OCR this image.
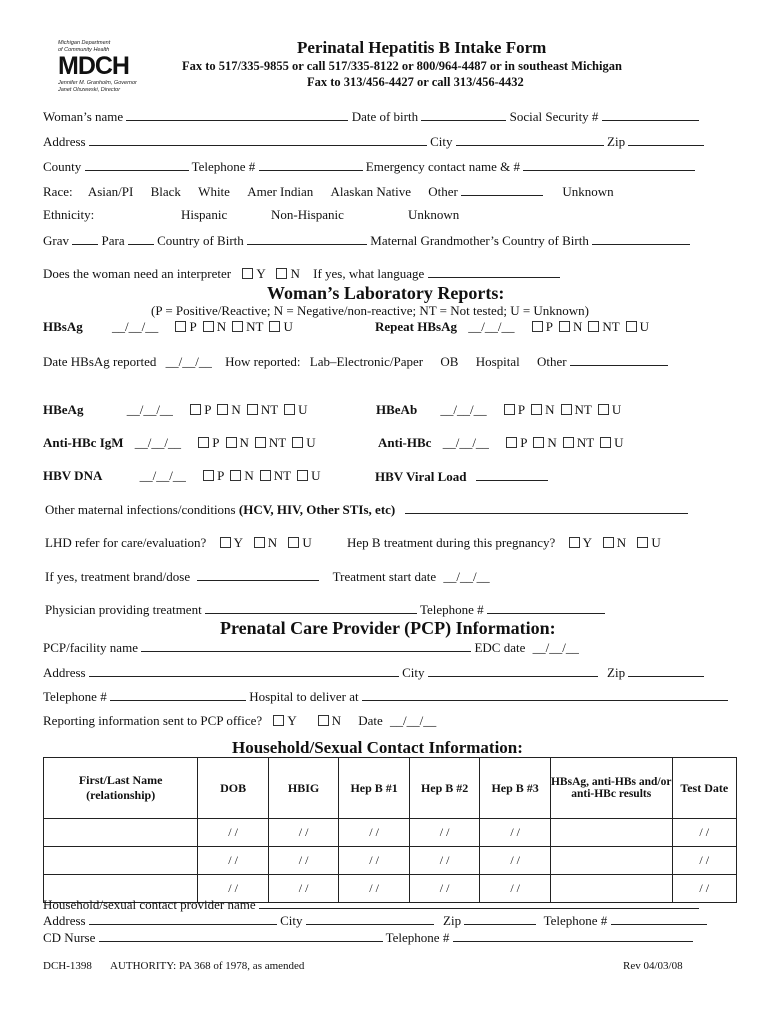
Michigan Department
of Community Health
MDCH
Jennifer M. Granholm, Governor
Janet Olszewski, Director
Perinatal Hepatitis B Intake Form
Fax to 517/335-9855 or call 517/335-8122 or 800/964-4487 or in southeast Michigan
Fax to 313/456-4427 or call 313/456-4432
Woman’s name	Date of birth	Social Security #
Address	City	Zip
County	Telephone #	Emergency contact name & #
Race: Asian/PI Black White Amer Indian Alaskan Native Other	Unknown
Ethnicity:	Hispanic	Non-Hispanic	Unknown
Grav	Para	Country of Birth	Maternal Grandmother’s Country of Birth
Does the woman need an interpreter Y N If yes, what language
Woman’s Laboratory Reports:
(P = Positive/Reactive; N = Negative/non-reactive; NT = Not tested; U = Unknown)
HBsAg __/__/__ P N NT U	Repeat HBsAg __/__/__ P N NT U
Date HBsAg reported __/__/__ How reported: Lab–Electronic/Paper OB Hospital Other
HBeAg	__/__/__ P N NT U	HBeAb __/__/__ P N NT U
Anti-HBc IgM __/__/__ P N NT U	Anti-HBc __/__/__ P N NT U
HBV DNA	__/__/__ P N NT U	HBV Viral Load
Other maternal infections/conditions (HCV, HIV, Other STIs, etc)
LHD refer for care/evaluation? Y N U	Hep B treatment during this pregnancy? Y N U
If yes, treatment brand/dose	Treatment start date __/__/__
Physician providing treatment	Telephone #
Prenatal Care Provider (PCP) Information:
PCP/facility name	EDC date __/__/__
Address	City	Zip
Telephone #	Hospital to deliver at
Reporting information sent to PCP office? Y	N Date __/__/__
Household/Sexual Contact Information:
First/Last Name (relationship)	DOB	HBIG	Hep B #1	Hep B #2	Hep B #3	HBsAg, anti-HBs and/or anti-HBc results	Test Date
	/ /	/ /	/ /	/ /	/ /		/ /
	/ /	/ /	/ /	/ /	/ /		/ /
	/ /	/ /	/ /	/ /	/ /		/ /
Household/sexual contact provider name
Address	City	Zip	Telephone #
CD Nurse	Telephone #
DCH-1398 AUTHORITY: PA 368 of 1978, as amended	Rev 04/03/08
